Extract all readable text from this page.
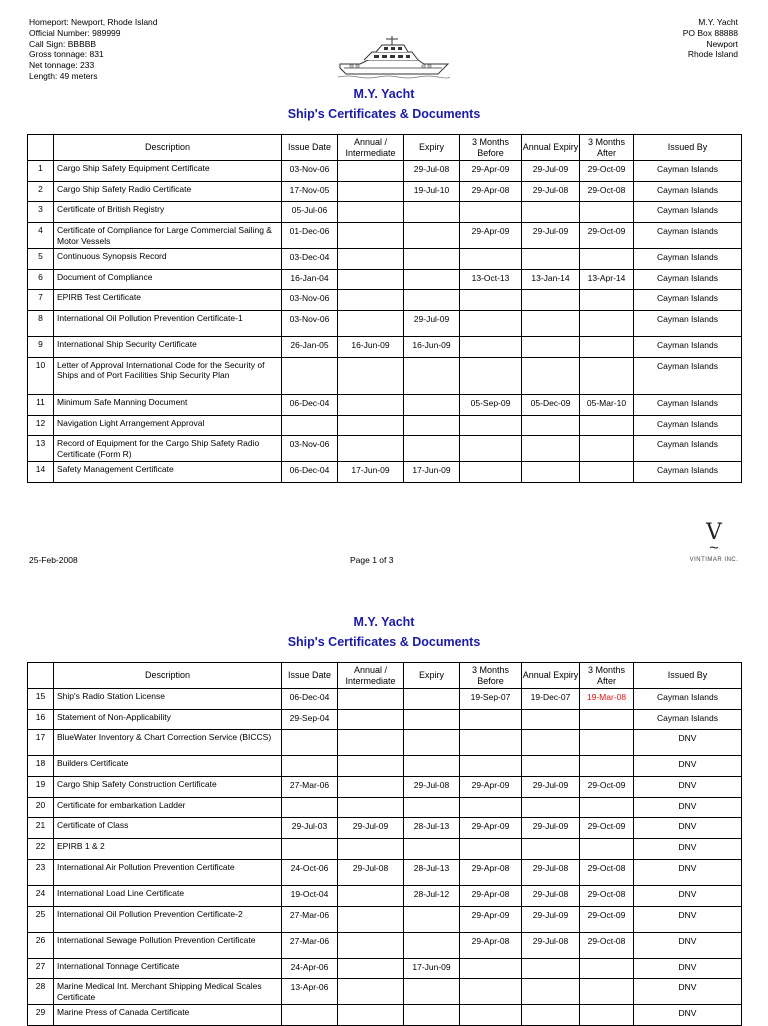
Homeport: Newport, Rhode Island
Official Number: 989999
Call Sign: BBBBB
Gross tonnage: 831
Net tonnage: 233
Length: 49 meters
M.Y. Yacht
PO Box 88888
Newport
Rhode Island
M.Y. Yacht
Ship's Certificates & Documents
	Description	Issue Date	Annual / Intermediate	Expiry	3 Months Before	Annual Expiry	3 Months After	Issued By
1	Cargo Ship Safety Equipment Certificate	03-Nov-06		29-Jul-08	29-Apr-09	29-Jul-09	29-Oct-09	Cayman Islands
2	Cargo Ship Safety Radio Certificate	17-Nov-05		19-Jul-10	29-Apr-08	29-Jul-08	29-Oct-08	Cayman Islands
3	Certificate of British Registry	05-Jul-06						Cayman Islands
4	Certificate of Compliance for Large Commercial Sailing & Motor Vessels	01-Dec-06			29-Apr-09	29-Jul-09	29-Oct-09	Cayman Islands
5	Continuous Synopsis Record	03-Dec-04						Cayman Islands
6	Document of Compliance	16-Jan-04			13-Oct-13	13-Jan-14	13-Apr-14	Cayman Islands
7	EPIRB Test Certificate	03-Nov-06						Cayman Islands
8	International Oil Pollution Prevention Certificate-1	03-Nov-06		29-Jul-09				Cayman Islands
9	International Ship Security Certificate	26-Jan-05	16-Jun-09	16-Jun-09				Cayman Islands
10	Letter of Approval International Code for the Security of Ships and of Port Facilities Ship Security Plan							Cayman Islands
11	Minimum Safe Manning Document	06-Dec-04			05-Sep-09	05-Dec-09	05-Mar-10	Cayman Islands
12	Navigation Light Arrangement Approval							Cayman Islands
13	Record of Equipment for the Cargo Ship Safety Radio Certificate (Form R)	03-Nov-06						Cayman Islands
14	Safety Management Certificate	06-Dec-04	17-Jun-09	17-Jun-09				Cayman Islands
25-Feb-2008	Page 1 of 3
V
~
VINTIMAR INC.
M.Y. Yacht
Ship's Certificates & Documents
	Description	Issue Date	Annual / Intermediate	Expiry	3 Months Before	Annual Expiry	3 Months After	Issued By
15	Ship's Radio Station License	06-Dec-04			19-Sep-07	19-Dec-07	19-Mar-08	Cayman Islands
16	Statement of Non-Applicability	29-Sep-04						Cayman Islands
17	BlueWater Inventory & Chart Correction Service (BICCS)							DNV
18	Builders Certificate							DNV
19	Cargo Ship Safety Construction Certificate	27-Mar-06		29-Jul-08	29-Apr-09	29-Jul-09	29-Oct-09	DNV
20	Certificate for embarkation Ladder							DNV
21	Certificate of Class	29-Jul-03	29-Jul-09	28-Jul-13	29-Apr-09	29-Jul-09	29-Oct-09	DNV
22	EPIRB 1 & 2							DNV
23	International Air Pollution Prevention Certificate	24-Oct-06	29-Jul-08	28-Jul-13	29-Apr-08	29-Jul-08	29-Oct-08	DNV
24	International Load Line Certificate	19-Oct-04		28-Jul-12	29-Apr-08	29-Jul-08	29-Oct-08	DNV
25	International Oil Pollution Prevention Certificate-2	27-Mar-06			29-Apr-09	29-Jul-09	29-Oct-09	DNV
26	International Sewage Pollution Prevention Certificate	27-Mar-06			29-Apr-08	29-Jul-08	29-Oct-08	DNV
27	International Tonnage Certificate	24-Apr-06		17-Jun-09				DNV
28	Marine Medical Int. Merchant Shipping Medical Scales Certificate	13-Apr-06						DNV
29	Marine Press of Canada Certificate							DNV
